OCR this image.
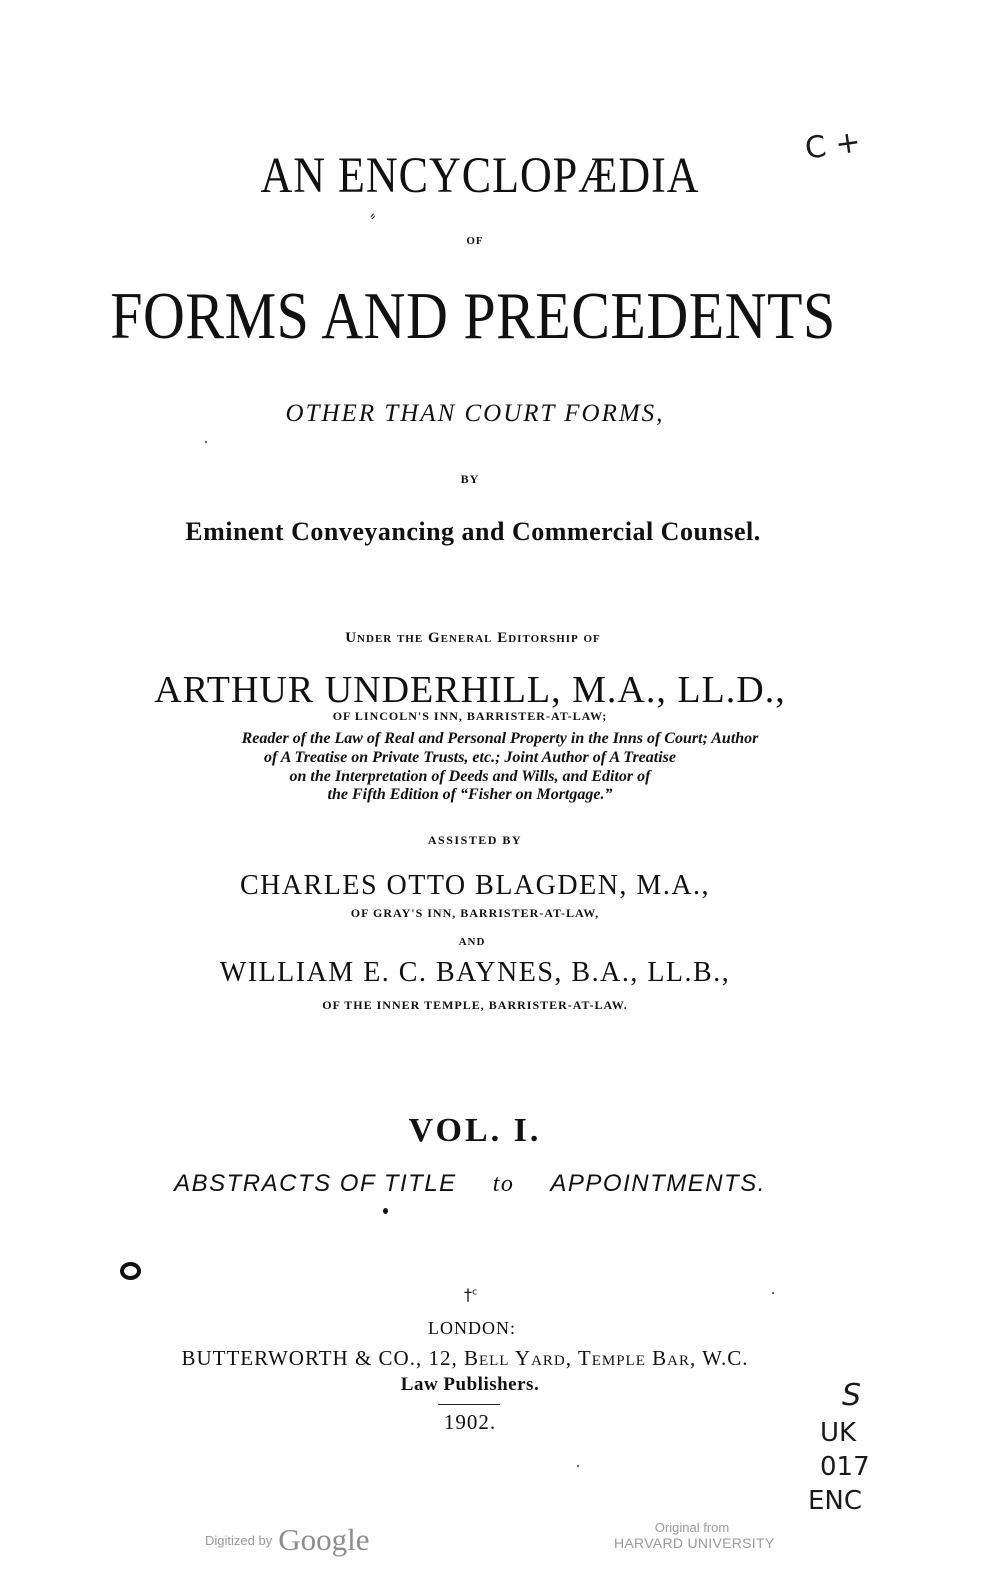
AN ENCYCLOPÆDIA
OF
FORMS AND PRECEDENTS
OTHER THAN COURT FORMS,
BY
Eminent Conveyancing and Commercial Counsel.
Under the General Editorship of
ARTHUR UNDERHILL, M.A., LL.D.,
OF LINCOLN'S INN, BARRISTER-AT-LAW;
Reader of the Law of Real and Personal Property in the Inns of Court; Author
of A Treatise on Private Trusts, etc.; Joint Author of A Treatise
on the Interpretation of Deeds and Wills, and Editor of
the Fifth Edition of “Fisher on Mortgage.”
ASSISTED BY
CHARLES OTTO BLAGDEN, M.A.,
OF GRAY'S INN, BARRISTER-AT-LAW,
AND
WILLIAM E. C. BAYNES, B.A., LL.B.,
OF THE INNER TEMPLE, BARRISTER-AT-LAW.
VOL. I.
ABSTRACTS OF TITLE to APPOINTMENTS.
LONDON:
BUTTERWORTH & CO., 12, Bell Yard, Temple Bar, W.C.
Law Publishers.
1902.
C +
⸗
†ᶜ
S
UK
017
ENC
Digitized by Google	Original from
HARVARD UNIVERSITY
